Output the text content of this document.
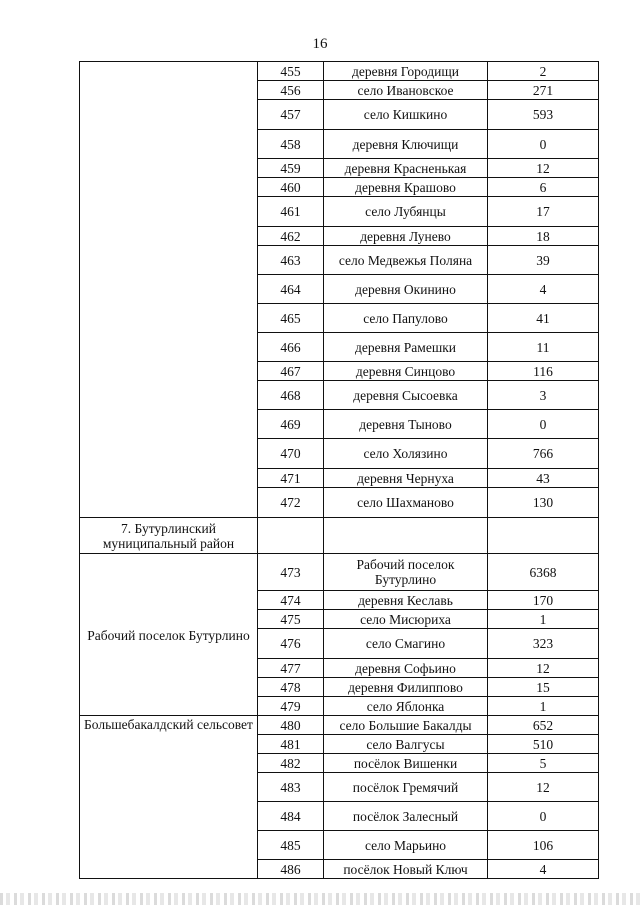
16
	455	деревня Городищи	2
	456	село Ивановское	271
	457	село Кишкино	593
	458	деревня Ключищи	0
	459	деревня Красненькая	12
	460	деревня Крашово	6
	461	село Лубянцы	17
	462	деревня Лунево	18
	463	село Медвежья Поляна	39
	464	деревня Окинино	4
	465	село Папулово	41
	466	деревня Рамешки	11
	467	деревня Синцово	116
	468	деревня Сысоевка	3
	469	деревня Тыново	0
	470	село Холязино	766
	471	деревня Чернуха	43
	472	село Шахманово	130
7. Бутурлинский муниципальный район			
Рабочий поселок Бутурлино	473	Рабочий поселок Бутурлино	6368
	474	деревня Кеславь	170
	475	село Мисюриха	1
	476	село Смагино	323
	477	деревня Софьино	12
	478	деревня Филиппово	15
	479	село Яблонка	1
Большебакалдский сельсовет	480	село Большие Бакалды	652
	481	село Валгусы	510
	482	посёлок Вишенки	5
	483	посёлок Гремячий	12
	484	посёлок Залесный	0
	485	село Марьино	106
	486	посёлок Новый Ключ	4
